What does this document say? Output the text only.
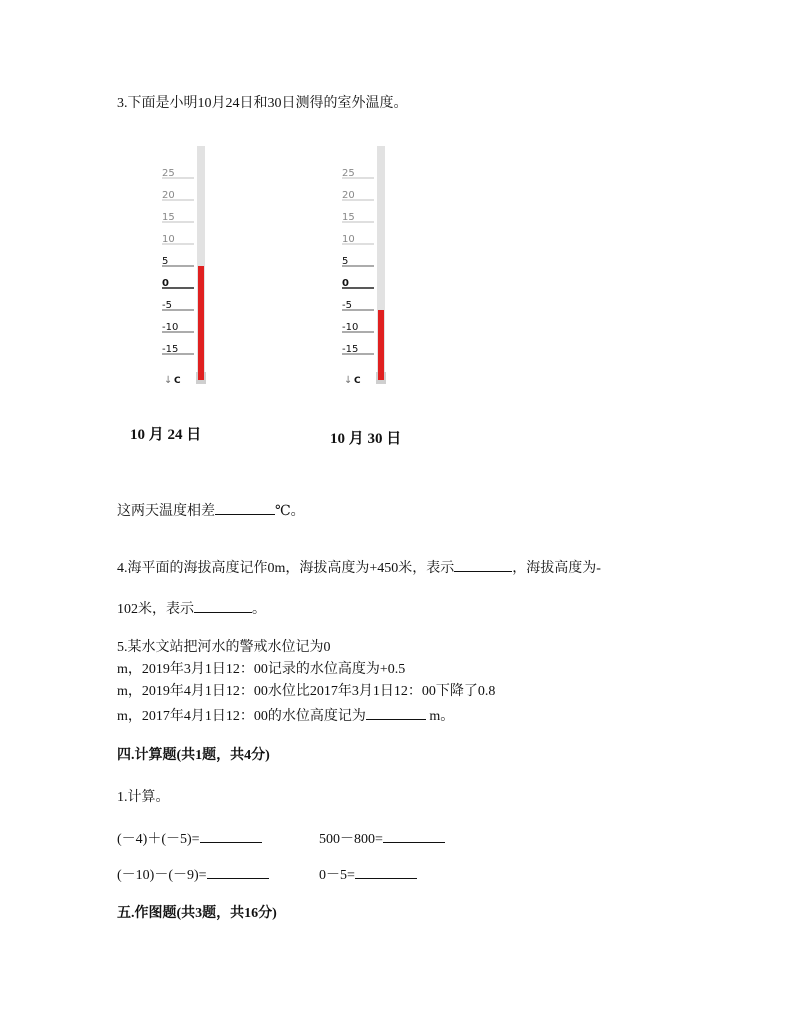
3.下面是小明10月24日和30日测得的室外温度。
25
20
15
10
5
0
-5
-10
-15
↓ C
25
20
15
10
5
0
-5
-10
-15
↓ C
10 月 24 日	10 月 30 日
这两天温度相差	℃。
4.海平面的海拔高度记作0m，海拔高度为+450米，表示	，海拔高度为-
102米，表示	。
5.某水文站把河水的警戒水位记为0
m，2019年3月1日12：00记录的水位高度为+0.5
m，2019年4月1日12：00水位比2017年3月1日12：00下降了0.8
m，2017年4月1日12：00的水位高度记为	m。
四.计算题(共1题，共4分)
1.计算。
(－4)＋(－5)=	500－800=
(－10)－(－9)=	0－5=
五.作图题(共3题，共16分)
